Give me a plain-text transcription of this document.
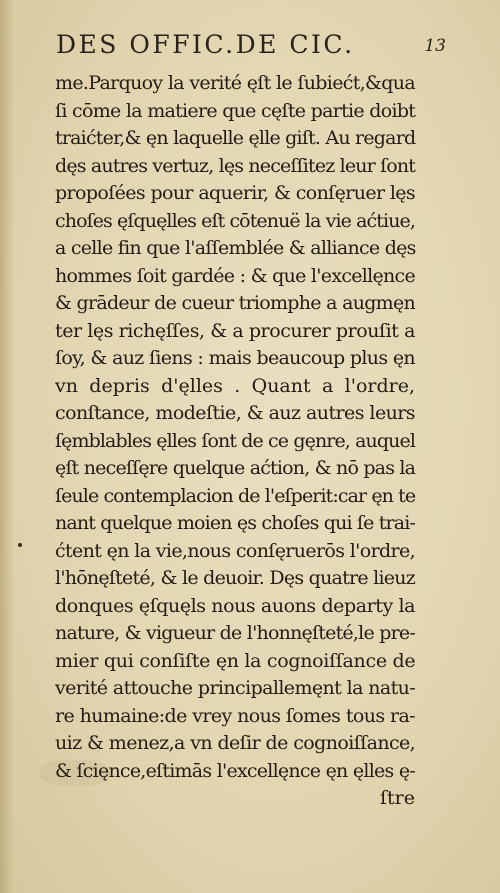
DES OFFIC.DE CIC.	13
me.Parquoy la verité ęſt le ſubiećt,&qua
ſi cōme la matiere que cęſte partie doibt
traićter,& ęn laquelle ęlle giſt. Au regard
dęs autres vertuz, lęs neceſſitez leur ſont
propoſées pour aquerir, & conſęruer lęs
choſes ęſquęlles eſt cōtenuë la vie aćtiue,
a celle fin que l'aſſemblée & alliance dęs
hommes ſoit gardée : & que l'excellęnce
& grādeur de cueur triomphe a augmęn
ter lęs richęſſes, & a procurer prouſit a
ſoy, & auz ſiens : mais beaucoup plus ęn
vn depris d'ęlles . Quant a l'ordre,
conſtance, modeſtie, & auz autres leurs
ſęmblables ęlles ſont de ce gęnre, auquel
ęſt neceſſęre quelque aćtion, & nō pas la
ſeule contemplacion de l'eſperit:car ęn te
nant quelque moien ęs choſes qui ſe trai-
ćtent ęn la vie,nous conſęruerōs l'ordre,
l'hōnęſteté, & le deuoir. Dęs quatre lieuz
donques ęſquęls nous auons departy la
nature, & vigueur de l'honnęſteté,le pre-
mier qui conſiſte ęn la cognoiſſance de
verité attouche principallemęnt la natu-
re humaine:de vrey nous ſomes tous ra-
uiz & menez,a vn deſir de cognoiſſance,
& ſcięnce,eſtimās l'excellęnce ęn ęlles ę-
ſtre
